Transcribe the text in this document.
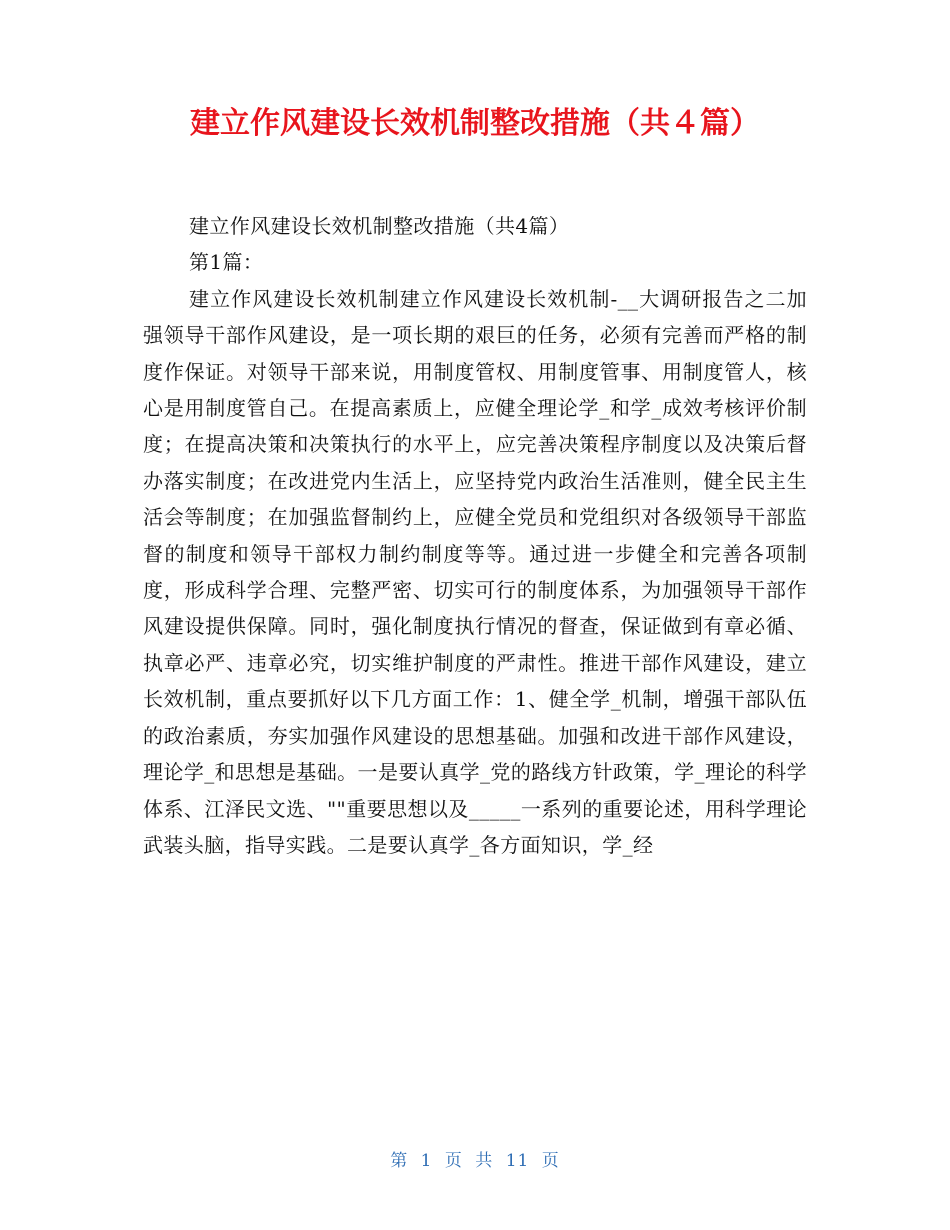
建立作风建设长效机制整改措施（共４篇）

建立作风建设长效机制整改措施（共4篇）

第1篇：

建立作风建设长效机制建立作风建设长效机制-__大调研报告之二加强领导干部作风建设，是一项长期的艰巨的任务，必须有完善而严格的制度作保证。对领导干部来说，用制度管权、用制度管事、用制度管人，核心是用制度管自己。在提高素质上，应健全理论学_和学_成效考核评价制度；在提高决策和决策执行的水平上，应完善决策程序制度以及决策后督办落实制度；在改进党内生活上，应坚持党内政治生活准则，健全民主生活会等制度；在加强监督制约上，应健全党员和党组织对各级领导干部监督的制度和领导干部权力制约制度等等。通过进一步健全和完善各项制度，形成科学合理、完整严密、切实可行的制度体系，为加强领导干部作风建设提供保障。同时，强化制度执行情况的督查，保证做到有章必循、执章必严、违章必究，切实维护制度的严肃性。推进干部作风建设，建立长效机制，重点要抓好以下几方面工作：1、健全学_机制，增强干部队伍的政治素质，夯实加强作风建设的思想基础。加强和改进干部作风建设，理论学_和思想是基础。一是要认真学_党的路线方针政策，学_理论的科学体系、江泽民文选、""重要思想以及_____一系列的重要论述，用科学理论武装头脑，指导实践。二是要认真学_各方面知识，学_经

第 1 页 共 11 页
